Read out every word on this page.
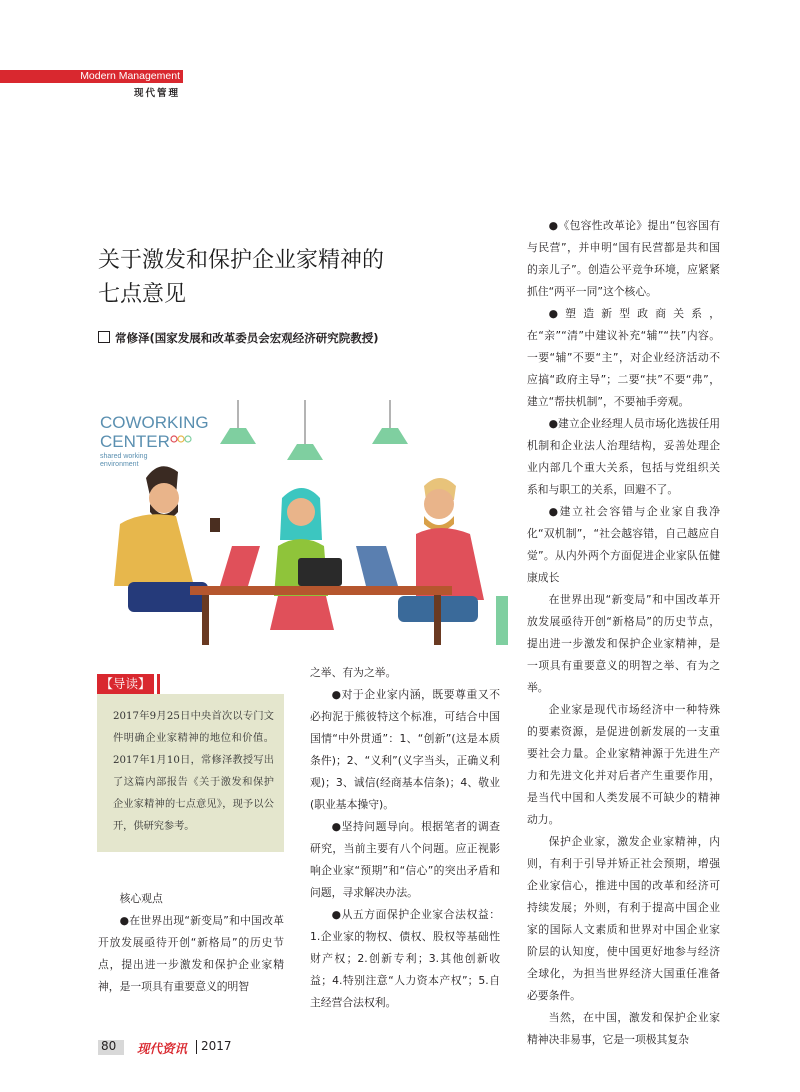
Modern Management
现代管理
关于激发和保护企业家精神的
七点意见
常修泽(国家发展和改革委员会宏观经济研究院教授)
COWORKING
CENTER
shared working
environment
【导读】

2017年9月25日中央首次以专门文件明确企业家精神的地位和价值。2017年1月10日，常修泽教授写出了这篇内部报告《关于激发和保护企业家精神的七点意见》，现予以公开，供研究参考。

核心观点

●在世界出现“新变局”和中国改革开放发展亟待开创“新格局”的历史节点，提出进一步激发和保护企业家精神，是一项具有重要意义的明智

之举、有为之举。

●对于企业家内涵，既要尊重又不必拘泥于熊彼特这个标准，可结合中国国情“中外贯通”：1、“创新”(这是本质条件)；2、“义利”(义字当头，正确义利观)；3、诚信(经商基本信条)；4、敬业(职业基本操守)。

●坚持问题导向。根据笔者的调查研究，当前主要有八个问题。应正视影响企业家“预期”和“信心”的突出矛盾和问题，寻求解决办法。

●从五方面保护企业家合法权益：1.企业家的物权、债权、股权等基础性财产权；2.创新专利；3.其他创新收益；4.特别注意“人力资本产权”；5.自主经营合法权利。

●《包容性改革论》提出“包容国有与民营”，并申明“国有民营都是共和国的亲儿子”。创造公平竞争环境，应紧紧抓住“两平一同”这个核心。

●塑造新型政商关系，在“亲”“清”中建议补充“辅”“扶”内容。一要“辅”不要“主”，对企业经济活动不应搞“政府主导”；二要“扶”不要“弗”，建立“帮扶机制”，不要袖手旁观。

●建立企业经理人员市场化选拔任用机制和企业法人治理结构，妥善处理企业内部几个重大关系，包括与党组织关系和与职工的关系，回避不了。

●建立社会容错与企业家自我净化“双机制”，“社会越容错，自己越应自觉”。从内外两个方面促进企业家队伍健康成长

在世界出现“新变局”和中国改革开放发展亟待开创“新格局”的历史节点，提出进一步激发和保护企业家精神，是一项具有重要意义的明智之举、有为之举。

企业家是现代市场经济中一种特殊的要素资源，是促进创新发展的一支重要社会力量。企业家精神源于先进生产力和先进文化并对后者产生重要作用，是当代中国和人类发展不可缺少的精神动力。

保护企业家，激发企业家精神，内则，有利于引导并矫正社会预期，增强企业家信心，推进中国的改革和经济可持续发展；外则，有利于提高中国企业家的国际人文素质和世界对中国企业家阶层的认知度，使中国更好地参与经济全球化，为担当世界经济大国重任准备必要条件。

当然，在中国，激发和保护企业家精神决非易事，它是一项极其复杂

80 现代资讯 2017
